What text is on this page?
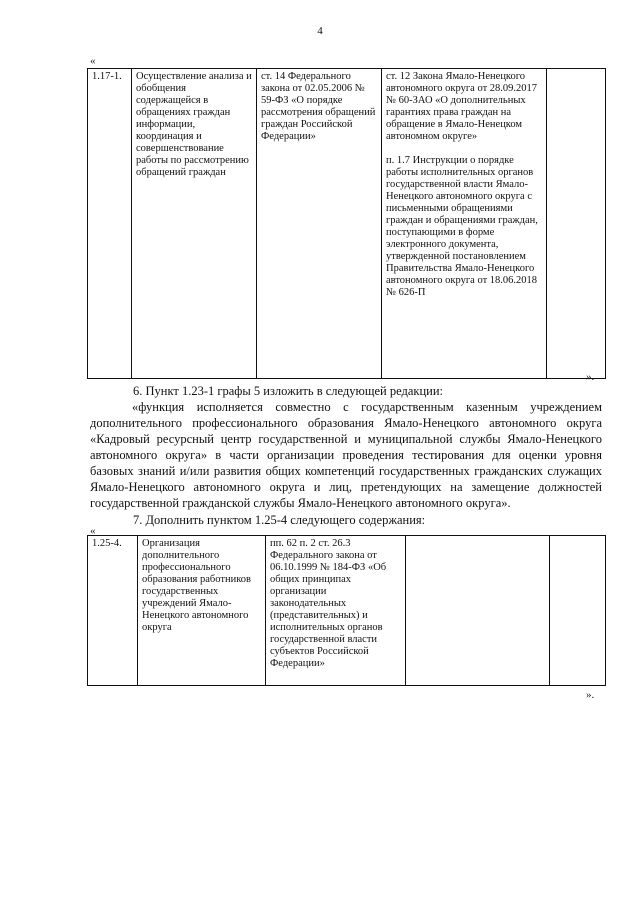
4
«
1.17-1.	Осуществление анализа и обобщения содержащейся в обращениях граждан информации, координация и совершенствование работы по рассмотрению обращений граждан	ст. 14 Федерального закона от 02.05.2006 № 59-ФЗ «О порядке рассмотрения обращений граждан Российской Федерации»	ст. 12 Закона Ямало-Ненецкого автономного округа от 28.09.2017 № 60-ЗАО «О дополнительных гарантиях права граждан на обращение в Ямало-Ненецком автономном округе»
п. 1.7 Инструкции о порядке работы исполнительных органов государственной власти Ямало-Ненецкого автономного округа с письменными обращениями граждан и обращениями граждан, поступающими в форме электронного документа, утвержденной постановлением Правительства Ямало-Ненецкого автономного округа от 18.06.2018 № 626-П	
».
6. Пункт 1.23-1 графы 5 изложить в следующей редакции:
«функция исполняется совместно с государственным казенным учреждением дополнительного профессионального образования Ямало-Ненецкого автономного округа «Кадровый ресурсный центр государственной и муниципальной службы Ямало-Ненецкого автономного округа» в части организации проведения тестирования для оценки уровня базовых знаний и/или развития общих компетенций государственных гражданских служащих Ямало-Ненецкого автономного округа и лиц, претендующих на замещение должностей государственной гражданской службы Ямало-Ненецкого автономного округа».
7. Дополнить пунктом 1.25-4 следующего содержания:
«
1.25-4.	Организация дополнительного профессионального образования работников государственных учреждений Ямало-Ненецкого автономного округа	пп. 62 п. 2 ст. 26.3 Федерального закона от 06.10.1999 № 184-ФЗ «Об общих принципах организации законодательных (представительных) и исполнительных органов государственной власти субъектов Российской Федерации»		
».
